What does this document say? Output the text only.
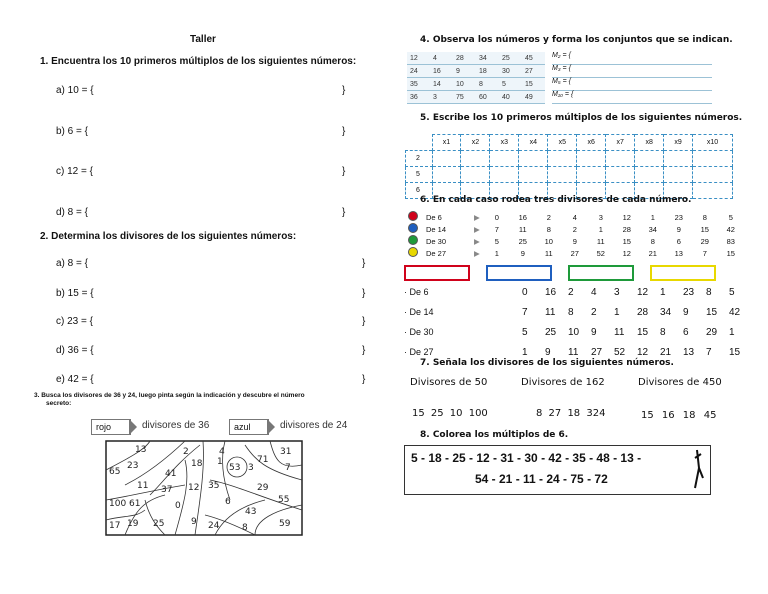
Taller
1. Encuentra los 10 primeros múltiplos de los siguientes números:
a) 10 = {	}
b) 6 = {	}
c) 12 = {	}
d) 8 = {	}
2. Determina los divisores de los siguientes números:
a) 8 = {	}
b) 15 = {	}
c) 23 = {	}
d) 36 = {	}
e) 42 = {	}
3. Busca los divisores de 36 y 24, luego pinta según la indicación y descubre el número
secreto:
rojo	divisores de 36	azul	divisores de 24
13	2
18
4
1
31
65
23
41
53 3
71
7
11 37 12 35	29
100 61	0	6	55
43
17 19 25	9 24	8	59
4. Observa los números y forma los conjuntos que se indican.
12	4	28	34	25	45
24	16	9	18	30	27
35	14	10	8	5	15
36	3	75	60	40	49
M₂ = {
M₃ = {
M₅ = {
M₁₀ = {
5. Escribe los 10 primeros múltiplos de los siguientes números.
	x1	x2	x3	x4	x5	x6	x7	x8	x9	x10
2										
5										
6										
6. En cada caso rodea tres divisores de cada número.
	De 6	▶	0	16	2	4	3	12	1	23	8	5
	De 14	▶	7	11	8	2	1	28	34	9	15	42
	De 30	▶	5	25	10	9	11	15	8	6	29	83
	De 27	▶	1	9	11	27	52	12	21	13	7	15
· De 6	0 16 2 4 3 12 1 23 8 5
· De 14	7 11 8 2 1 28 34 9 15 42
· De 30	5 25 10 9 11 15 8 6 29 1
· De 27	1 9 11 27 52 12 21 13 7 15
7. Señala los divisores de los siguientes números.
Divisores de 50	Divisores de 162	Divisores de 450
15 25 10 100	8 27 18 324	15 16 18 45
8. Colorea los múltiplos de 6.
5 - 18 - 25 - 12 - 31 - 30 - 42 - 35 - 48 - 13 -
54 - 21 - 11 - 24 - 75 - 72
